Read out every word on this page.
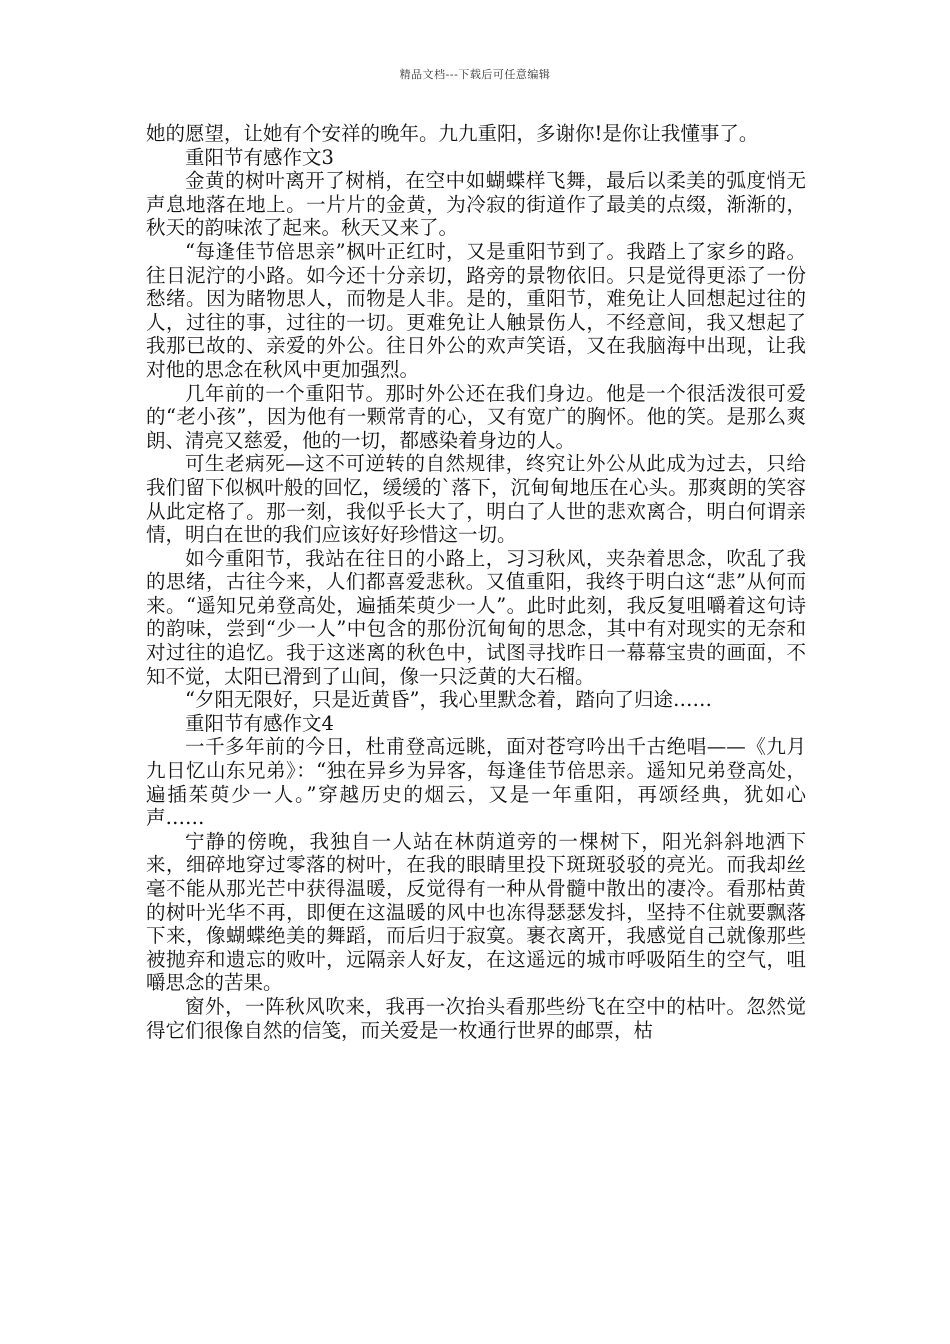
精品文档---下载后可任意编辑

她的愿望，让她有个安祥的晚年。九九重阳，多谢你!是你让我懂事了。

重阳节有感作文3

金黄的树叶离开了树梢，在空中如蝴蝶样飞舞，最后以柔美的弧度悄无声息地落在地上。一片片的金黄，为冷寂的街道作了最美的点缀，渐渐的，秋天的韵味浓了起来。秋天又来了。

“每逢佳节倍思亲”枫叶正红时，又是重阳节到了。我踏上了家乡的路。往日泥泞的小路。如今还十分亲切，路旁的景物依旧。只是觉得更添了一份愁绪。因为睹物思人，而物是人非。是的，重阳节，难免让人回想起过往的人，过往的事，过往的一切。更难免让人触景伤人，不经意间，我又想起了我那已故的、亲爱的外公。往日外公的欢声笑语，又在我脑海中出现，让我对他的思念在秋风中更加强烈。

几年前的一个重阳节。那时外公还在我们身边。他是一个很活泼很可爱的“老小孩”，因为他有一颗常青的心，又有宽广的胸怀。他的笑。是那么爽朗、清亮又慈爱，他的一切，都感染着身边的人。

可生老病死—这不可逆转的自然规律，终究让外公从此成为过去，只给我们留下似枫叶般的回忆，缓缓的`落下，沉甸甸地压在心头。那爽朗的笑容从此定格了。那一刻，我似乎长大了，明白了人世的悲欢离合，明白何谓亲情，明白在世的我们应该好好珍惜这一切。

如今重阳节，我站在往日的小路上，习习秋风，夹杂着思念，吹乱了我的思绪，古往今来，人们都喜爱悲秋。又值重阳，我终于明白这“悲”从何而来。“遥知兄弟登高处，遍插茱萸少一人”。此时此刻，我反复咀嚼着这句诗的韵味，尝到“少一人”中包含的那份沉甸甸的思念，其中有对现实的无奈和对过往的追忆。我于这迷离的秋色中，试图寻找昨日一幕幕宝贵的画面，不知不觉，太阳已滑到了山间，像一只泛黄的大石榴。

“夕阳无限好，只是近黄昏”，我心里默念着，踏向了归途……

重阳节有感作文4

一千多年前的今日，杜甫登高远眺，面对苍穹吟出千古绝唱——《九月九日忆山东兄弟》：“独在异乡为异客，每逢佳节倍思亲。遥知兄弟登高处，遍插茱萸少一人。”穿越历史的烟云，又是一年重阳，再颂经典，犹如心声……

宁静的傍晚，我独自一人站在林荫道旁的一棵树下，阳光斜斜地洒下来，细碎地穿过零落的树叶，在我的眼睛里投下斑斑驳驳的亮光。而我却丝毫不能从那光芒中获得温暖，反觉得有一种从骨髓中散出的凄冷。看那枯黄的树叶光华不再，即便在这温暖的风中也冻得瑟瑟发抖，坚持不住就要飘落下来，像蝴蝶绝美的舞蹈，而后归于寂寞。裹衣离开，我感觉自己就像那些被抛弃和遗忘的败叶，远隔亲人好友，在这遥远的城市呼吸陌生的空气，咀嚼思念的苦果。

窗外，一阵秋风吹来，我再一次抬头看那些纷飞在空中的枯叶。忽然觉得它们很像自然的信笺，而关爱是一枚通行世界的邮票，枯
